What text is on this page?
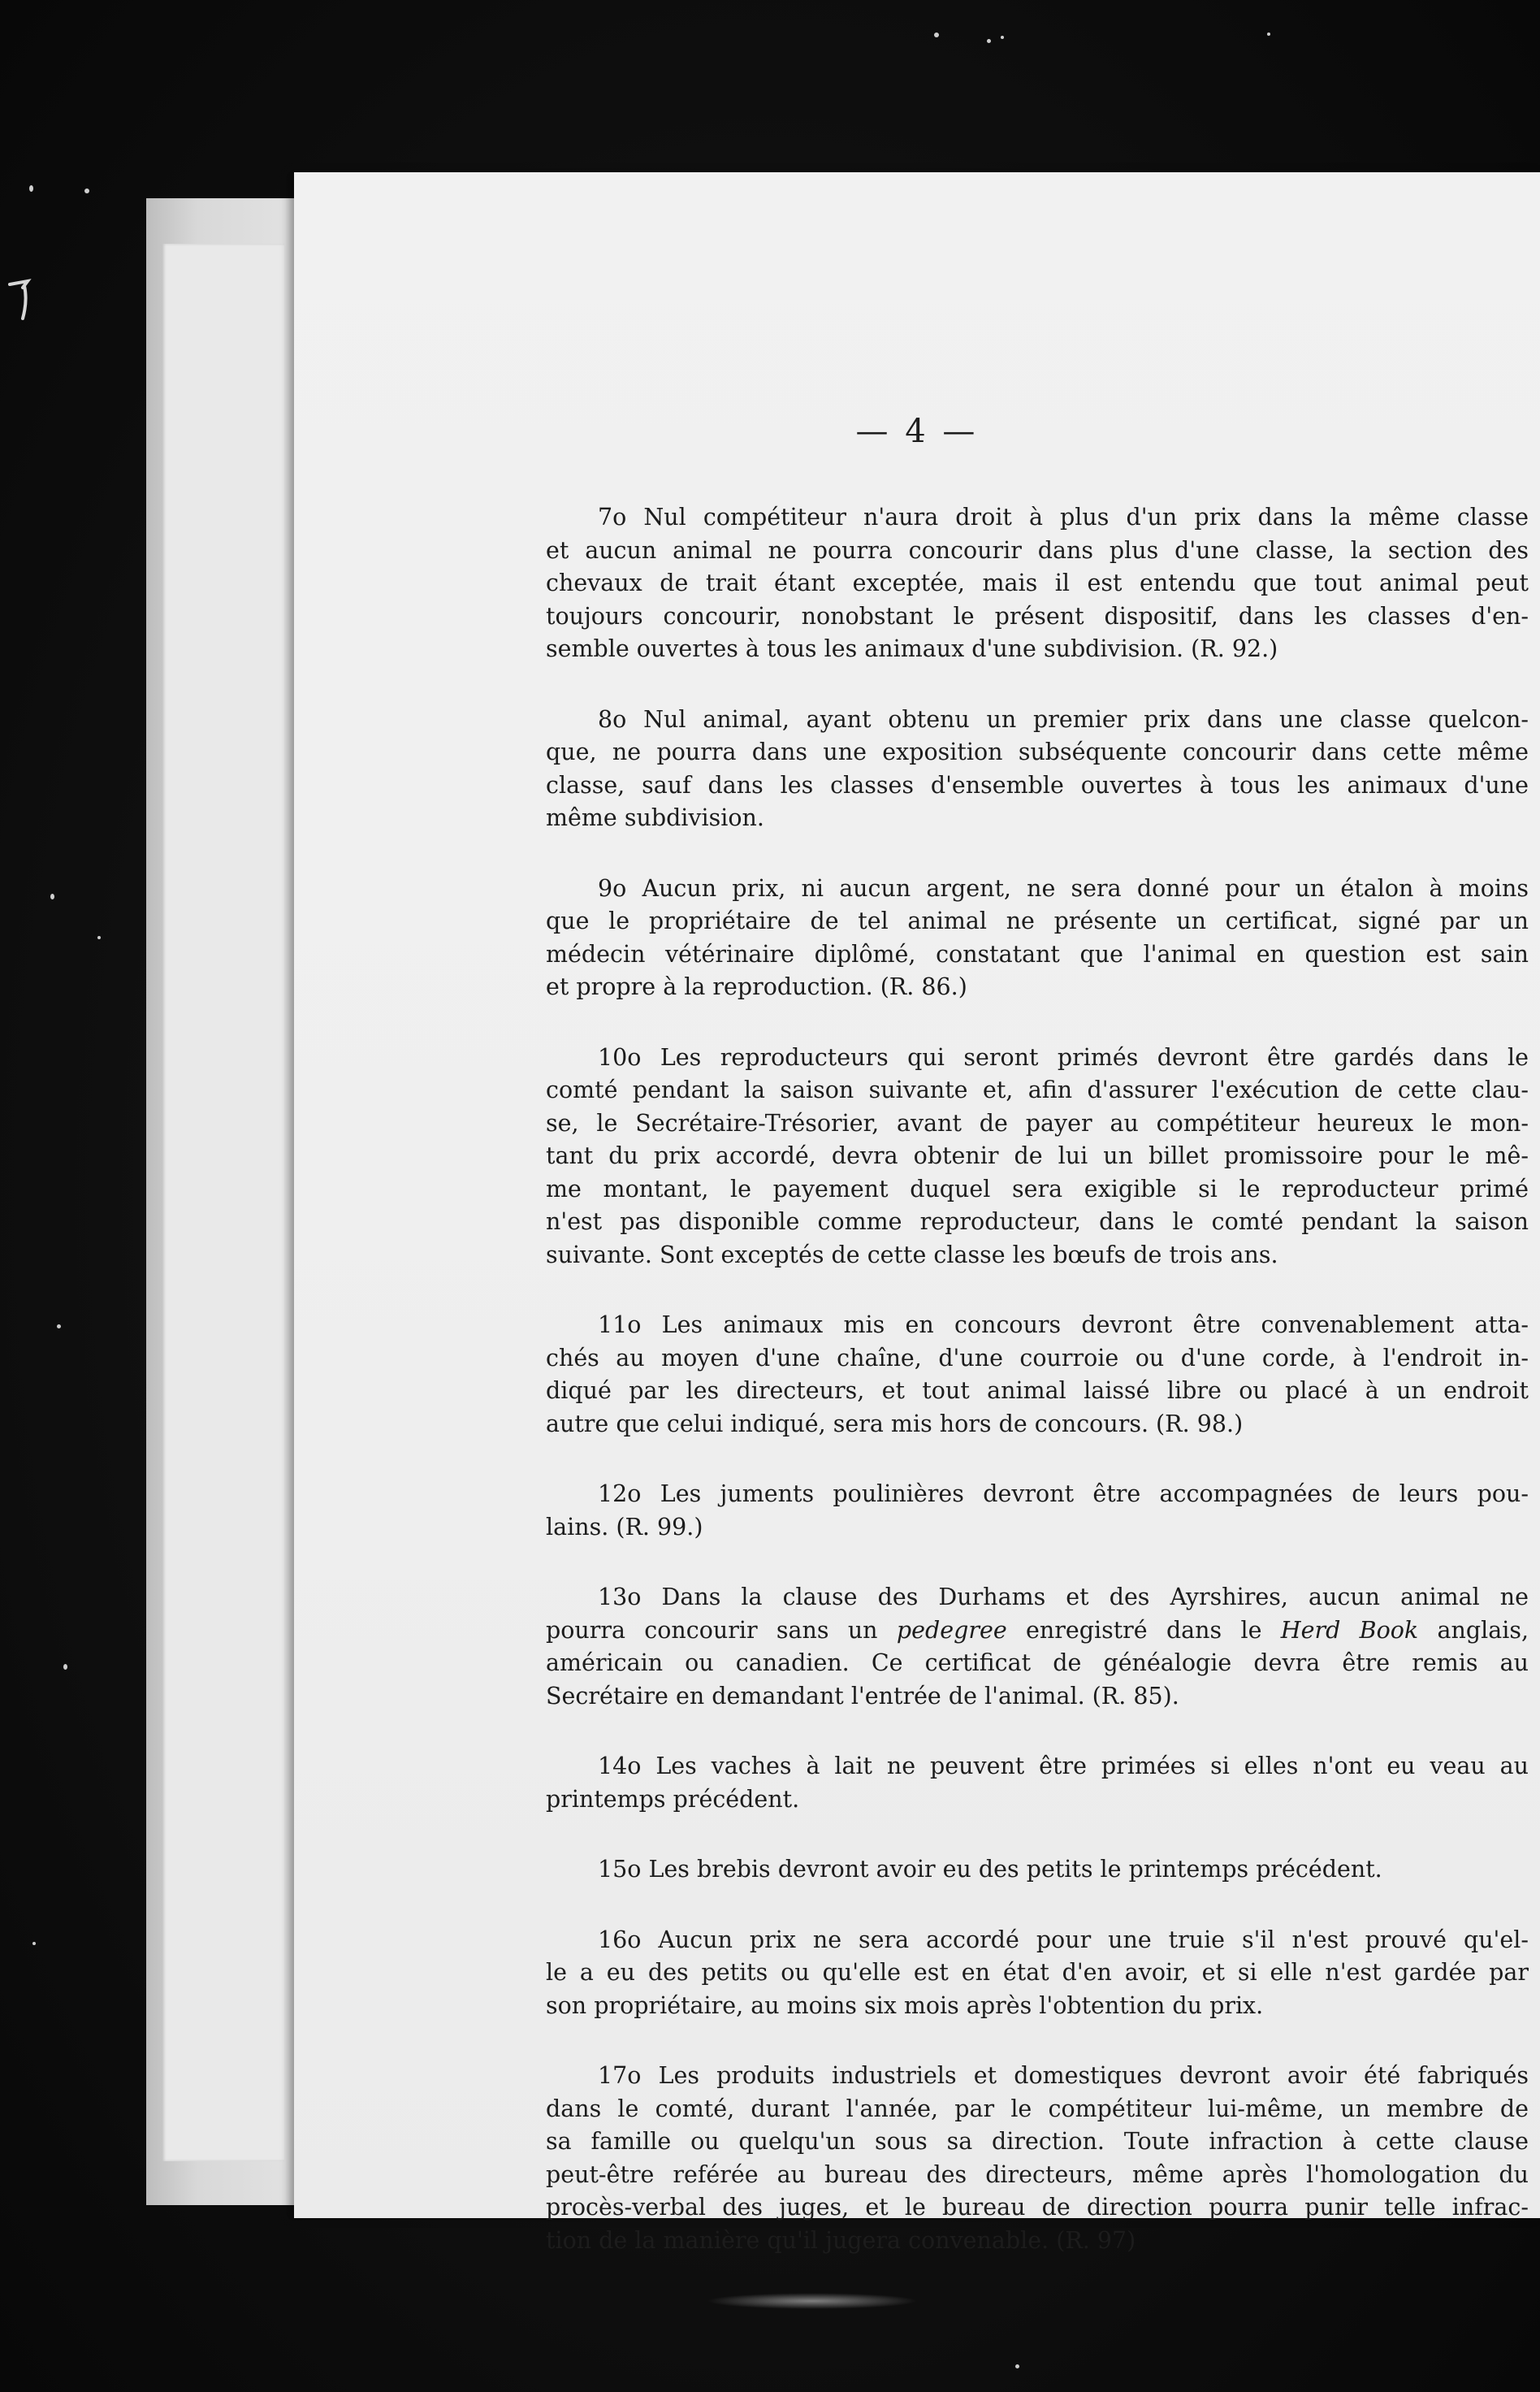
— 4 —
7o Nul compétiteur n'aura droit à plus d'un prix dans la même classe
et aucun animal ne pourra concourir dans plus d'une classe, la section des
chevaux de trait étant exceptée, mais il est entendu que tout animal peut
toujours concourir, nonobstant le présent dispositif, dans les classes d'en-
semble ouvertes à tous les animaux d'une subdivision. (R. 92.)
8o Nul animal, ayant obtenu un premier prix dans une classe quelcon-
que, ne pourra dans une exposition subséquente concourir dans cette même
classe, sauf dans les classes d'ensemble ouvertes à tous les animaux d'une
même subdivision.
9o Aucun prix, ni aucun argent, ne sera donné pour un étalon à moins
que le propriétaire de tel animal ne présente un certificat, signé par un
médecin vétérinaire diplômé, constatant que l'animal en question est sain
et propre à la reproduction. (R. 86.)
10o Les reproducteurs qui seront primés devront être gardés dans le
comté pendant la saison suivante et, afin d'assurer l'exécution de cette clau-
se, le Secrétaire-Trésorier, avant de payer au compétiteur heureux le mon-
tant du prix accordé, devra obtenir de lui un billet promissoire pour le mê-
me montant, le payement duquel sera exigible si le reproducteur primé
n'est pas disponible comme reproducteur, dans le comté pendant la saison
suivante. Sont exceptés de cette classe les bœufs de trois ans.
11o Les animaux mis en concours devront être convenablement atta-
chés au moyen d'une chaîne, d'une courroie ou d'une corde, à l'endroit in-
diqué par les directeurs, et tout animal laissé libre ou placé à un endroit
autre que celui indiqué, sera mis hors de concours. (R. 98.)
12o Les juments poulinières devront être accompagnées de leurs pou-
lains. (R. 99.)
13o Dans la clause des Durhams et des Ayrshires, aucun animal ne
pourra concourir sans un pedegree enregistré dans le Herd Book anglais,
américain ou canadien. Ce certificat de généalogie devra être remis au
Secrétaire en demandant l'entrée de l'animal. (R. 85).
14o Les vaches à lait ne peuvent être primées si elles n'ont eu veau au
printemps précédent.
15o Les brebis devront avoir eu des petits le printemps précédent.
16o Aucun prix ne sera accordé pour une truie s'il n'est prouvé qu'el-
le a eu des petits ou qu'elle est en état d'en avoir, et si elle n'est gardée par
son propriétaire, au moins six mois après l'obtention du prix.
17o Les produits industriels et domestiques devront avoir été fabriqués
dans le comté, durant l'année, par le compétiteur lui-même, un membre de
sa famille ou quelqu'un sous sa direction. Toute infraction à cette clause
peut-être reférée au bureau des directeurs, même après l'homologation du
procès-verbal des juges, et le bureau de direction pourra punir telle infrac-
tion de la manière qu'il jugera convenable. (R. 97)
